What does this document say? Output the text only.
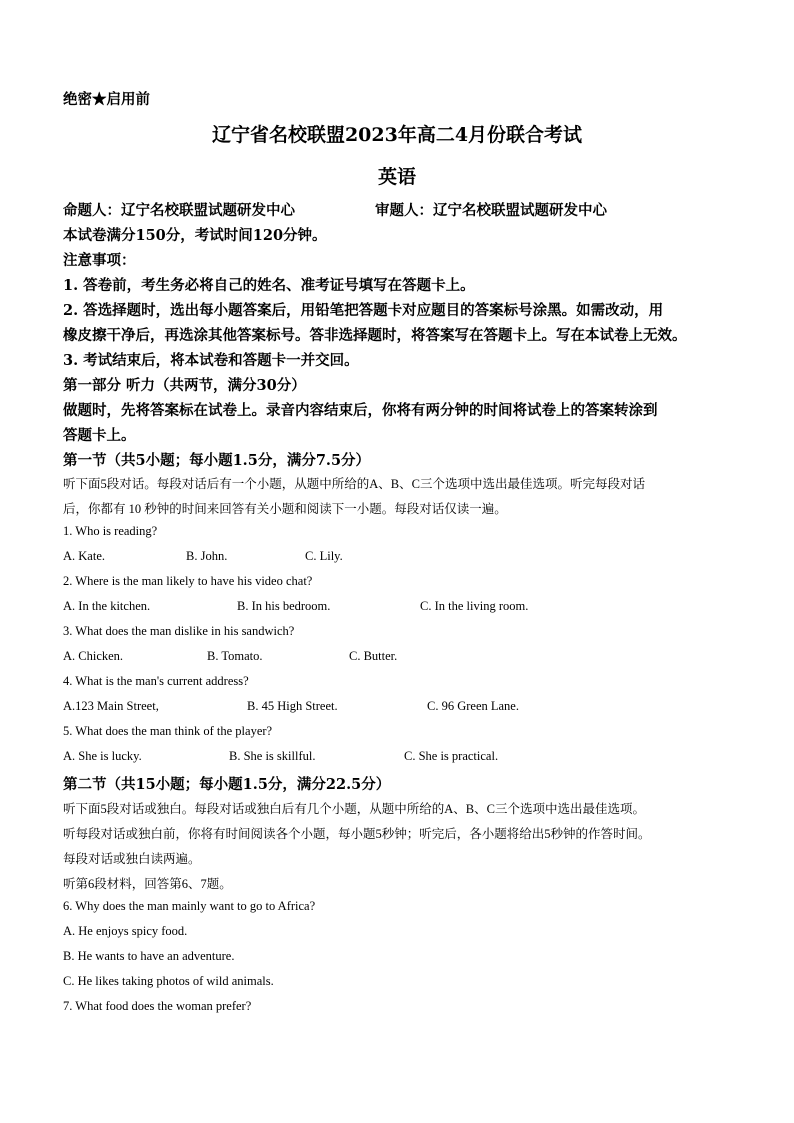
绝密★启用前
辽宁省名校联盟2023年高二4月份联合考试
英语
命题人：辽宁名校联盟试题研发中心	审题人：辽宁名校联盟试题研发中心
本试卷满分150分，考试时间120分钟。
注意事项：
1. 答卷前，考生务必将自己的姓名、准考证号填写在答题卡上。
2. 答选择题时，选出每小题答案后，用铅笔把答题卡对应题目的答案标号涂黑。如需改动，用
橡皮擦干净后，再选涂其他答案标号。答非选择题时，将答案写在答题卡上。写在本试卷上无效。
3. 考试结束后，将本试卷和答题卡一并交回。
第一部分 听力（共两节，满分30分）
做题时，先将答案标在试卷上。录音内容结束后，你将有两分钟的时间将试卷上的答案转涂到
答题卡上。
第一节（共5小题；每小题1.5分，满分7.5分）
听下面5段对话。每段对话后有一个小题，从题中所给的A、B、C三个选项中选出最佳选项。听完每段对话
后，你都有 10 秒钟的时间来回答有关小题和阅读下一小题。每段对话仅读一遍。
1. Who is reading?
A. Kate.	B. John.	C. Lily.
2. Where is the man likely to have his video chat?
A. In the kitchen.	B. In his bedroom.	C. In the living room.
3. What does the man dislike in his sandwich?
A. Chicken.	B. Tomato.	C. Butter.
4. What is the man's current address?
A.123 Main Street,	B. 45 High Street.	C. 96 Green Lane.
5. What does the man think of the player?
A. She is lucky.	B. She is skillful.	C. She is practical.
第二节（共15小题；每小题1.5分，满分22.5分）
听下面5段对话或独白。每段对话或独白后有几个小题，从题中所给的A、B、C三个选项中选出最佳选项。
听每段对话或独白前，你将有时间阅读各个小题，每小题5秒钟；听完后，各小题将给出5秒钟的作答时间。
每段对话或独白读两遍。
听第6段材料，回答第6、7题。
6. Why does the man mainly want to go to Africa?
A. He enjoys spicy food.
B. He wants to have an adventure.
C. He likes taking photos of wild animals.
7. What food does the woman prefer?
